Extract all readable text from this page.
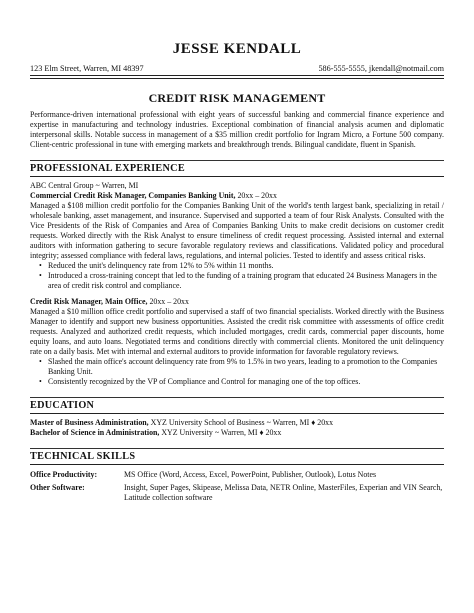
JESSE KENDALL
123 Elm Street, Warren, MI 48397	586-555-5555, jkendall@notmail.com
CREDIT RISK MANAGEMENT
Performance-driven international professional with eight years of successful banking and commercial finance experience and expertise in manufacturing and technology industries. Exceptional combination of financial analysis acumen and diplomatic interpersonal skills. Notable success in management of a $35 million credit portfolio for Ingram Micro, a Fortune 500 company. Client-centric professional in tune with emerging markets and breakthrough trends. Bilingual candidate, fluent in Spanish.
PROFESSIONAL EXPERIENCE
ABC Central Group ~ Warren, MI
Commercial Credit Risk Manager, Companies Banking Unit, 20xx – 20xx
Managed a $108 million credit portfolio for the Companies Banking Unit of the world's tenth largest bank, specializing in retail / wholesale banking, asset management, and insurance. Supervised and supported a team of four Risk Analysts. Consulted with the Vice Presidents of the Risk of Companies and Area of Companies Banking Units to make credit decisions on customer credit requests. Worked directly with the Risk Analyst to ensure timeliness of credit request processing. Assisted internal and external auditors with information gathering to secure favorable regulatory reviews and classifications. Validated policy and procedural integrity; assessed compliance with federal laws, regulations, and internal policies. Tested to identify and assess critical risks.
• Reduced the unit's delinquency rate from 12% to 5% within 11 months.
• Introduced a cross-training concept that led to the funding of a training program that educated 24 Business Managers in the area of credit risk control and compliance.
Credit Risk Manager, Main Office, 20xx – 20xx
Managed a $10 million office credit portfolio and supervised a staff of two financial specialists. Worked directly with the Business Manager to identify and support new business opportunities. Assisted the credit risk committee with assessments of office credit requests. Analyzed and authorized credit requests, which included mortgages, credit cards, commercial paper discounts, home equity loans, and auto loans. Negotiated terms and conditions directly with commercial clients. Monitored the unit delinquency rate on a daily basis. Met with internal and external auditors to provide information for favorable regulatory reviews.
• Slashed the main office's account delinquency rate from 9% to 1.5% in two years, leading to a promotion to the Companies Banking Unit.
• Consistently recognized by the VP of Compliance and Control for managing one of the top offices.
EDUCATION
Master of Business Administration, XYZ University School of Business ~ Warren, MI ♦ 20xx
Bachelor of Science in Administration, XYZ University ~ Warren, MI ♦ 20xx
TECHNICAL SKILLS
Office Productivity:	MS Office (Word, Access, Excel, PowerPoint, Publisher, Outlook), Lotus Notes
Other Software:	Insight, Super Pages, Skipease, Melissa Data, NETR Online, MasterFiles, Experian and VIN Search, Latitude collection software
